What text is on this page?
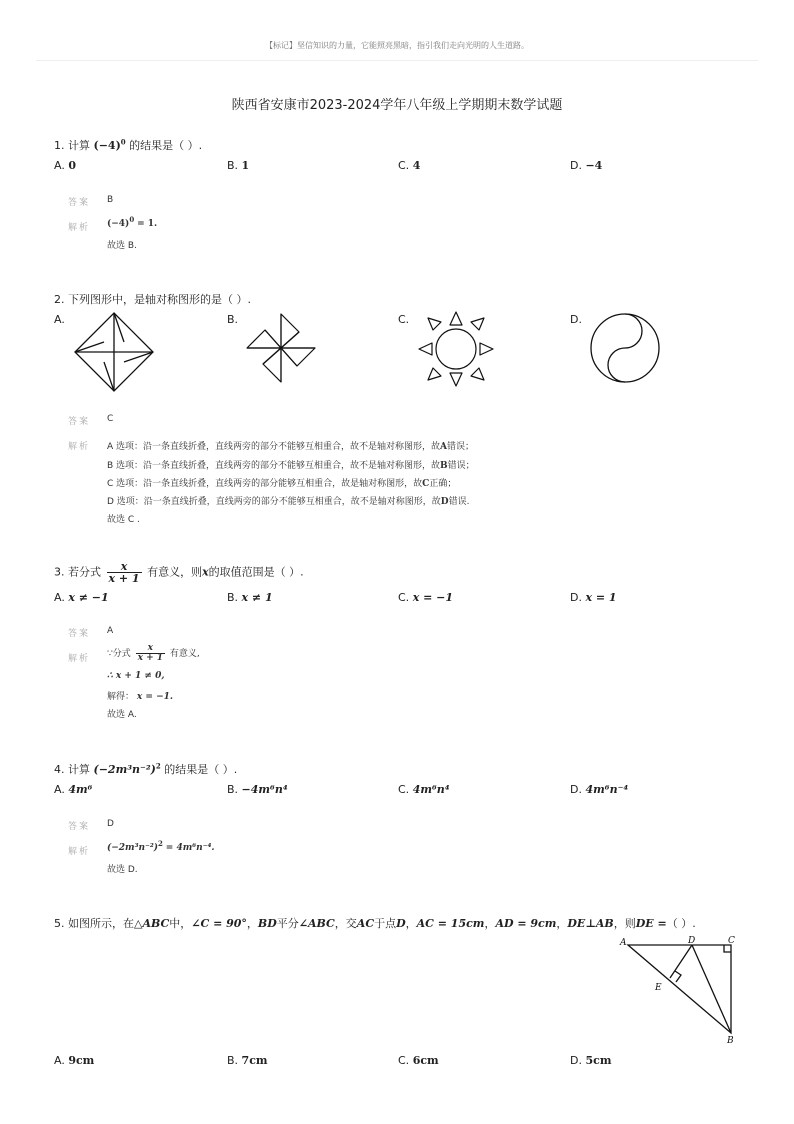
【标记】坚信知识的力量，它能照亮黑暗，指引我们走向光明的人生道路。
陕西省安康市2023-2024学年八年级上学期期末数学试题
1. 计算 $(-4)^0$ 的结果是（ ）.
A. 0	B. 1	C. 4	D. −4
答案 B
解析 $(-4)^0 = 1$.
故选 B.
2. 下列图形中，是轴对称图形的是（ ）.
A.	B.	C.	D.
答案 C
解析 A 选项：沿一条直线折叠，直线两旁的部分不能够互相重合，故不是轴对称图形，故A错误；
B 选项：沿一条直线折叠，直线两旁的部分不能够互相重合，故不是轴对称图形，故B错误；
C 选项：沿一条直线折叠，直线两旁的部分能够互相重合，故是轴对称图形，故C正确；
D 选项：沿一条直线折叠，直线两旁的部分不能够互相重合，故不是轴对称图形，故D错误.
故选 C .
3. 若分式 $\frac{x}{x + 1}$ 有意义，则x的取值范围是（ ）.
A. x ≠ −1	B. x ≠ 1	C. x = −1	D. x = 1
答案 A
解析 ∵分式 $\frac{x}{x + 1}$ 有意义,
∴ x + 1 ≠ 0,
解得： x = −1.
故选 A.
4. 计算 $(-2m^3n^{-2})^2$ 的结果是（ ）.
A. 4m⁶	B. −4m⁶n⁴	C. 4m⁶n⁴	D. 4m⁶n⁻⁴
答案 D
解析 $(-2m^3n^{-2})^2 = 4m^6n^{-4}$.
故选 D.
5. 如图所示，在△ABC中，∠C = 90°，BD平分∠ABC，交AC于点D，AC = 15cm，AD = 9cm，DE⊥AB，则DE =（ ）.
A	D	C
E
B
A. 9cm	B. 7cm	C. 6cm	D. 5cm
